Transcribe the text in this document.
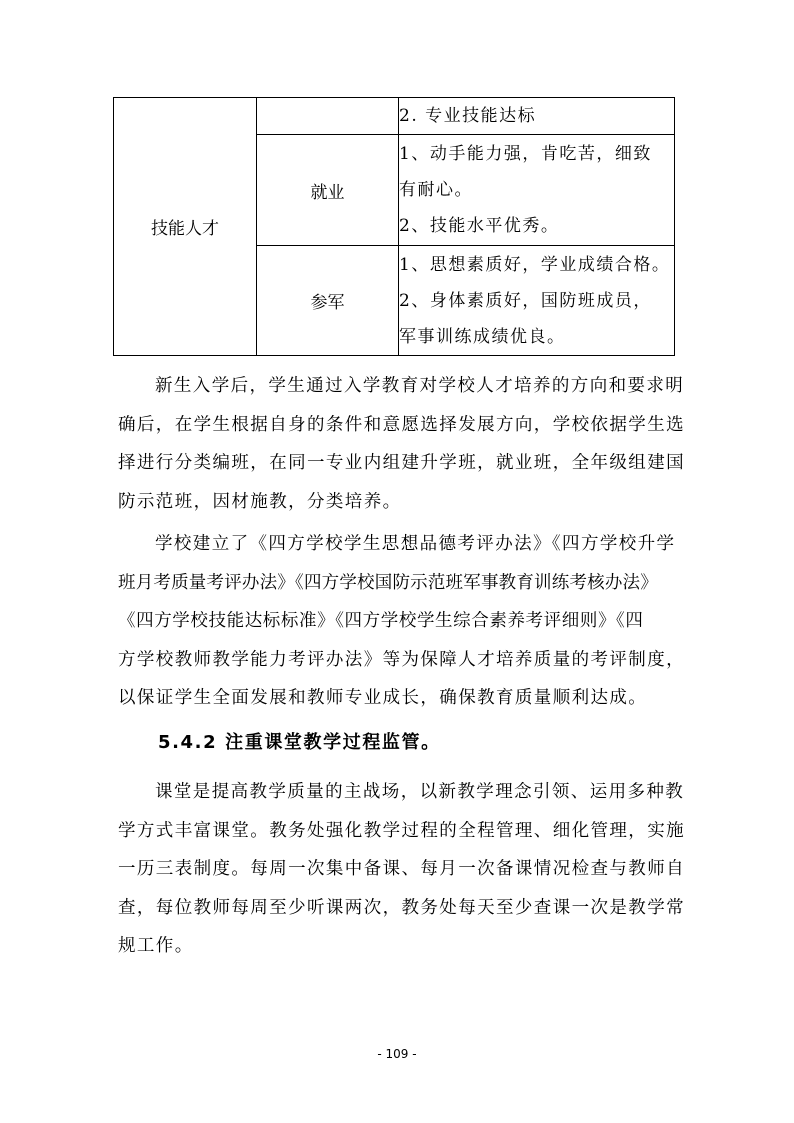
技能人才		2. 专业技能达标

	就业	1、动手能力强，肯吃苦，细致
有耐心。
2、技能水平优秀。

	参军	1、思想素质好，学业成绩合格。
2、身体素质好，国防班成员，
军事训练成绩优良。
新生入学后，学生通过入学教育对学校人才培养的方向和要求明
确后，在学生根据自身的条件和意愿选择发展方向，学校依据学生选
择进行分类编班，在同一专业内组建升学班，就业班，全年级组建国
防示范班，因材施教，分类培养。
学校建立了《四方学校学生思想品德考评办法》《四方学校升学
班月考质量考评办法》《四方学校国防示范班军事教育训练考核办法》
《四方学校技能达标标准》《四方学校学生综合素养考评细则》《四
方学校教师教学能力考评办法》等为保障人才培养质量的考评制度，
以保证学生全面发展和教师专业成长，确保教育质量顺利达成。
5.4.2 注重课堂教学过程监管。
课堂是提高教学质量的主战场，以新教学理念引领、运用多种教
学方式丰富课堂。教务处强化教学过程的全程管理、细化管理，实施
一历三表制度。每周一次集中备课、每月一次备课情况检查与教师自
查，每位教师每周至少听课两次，教务处每天至少查课一次是教学常
规工作。
- 109 -
